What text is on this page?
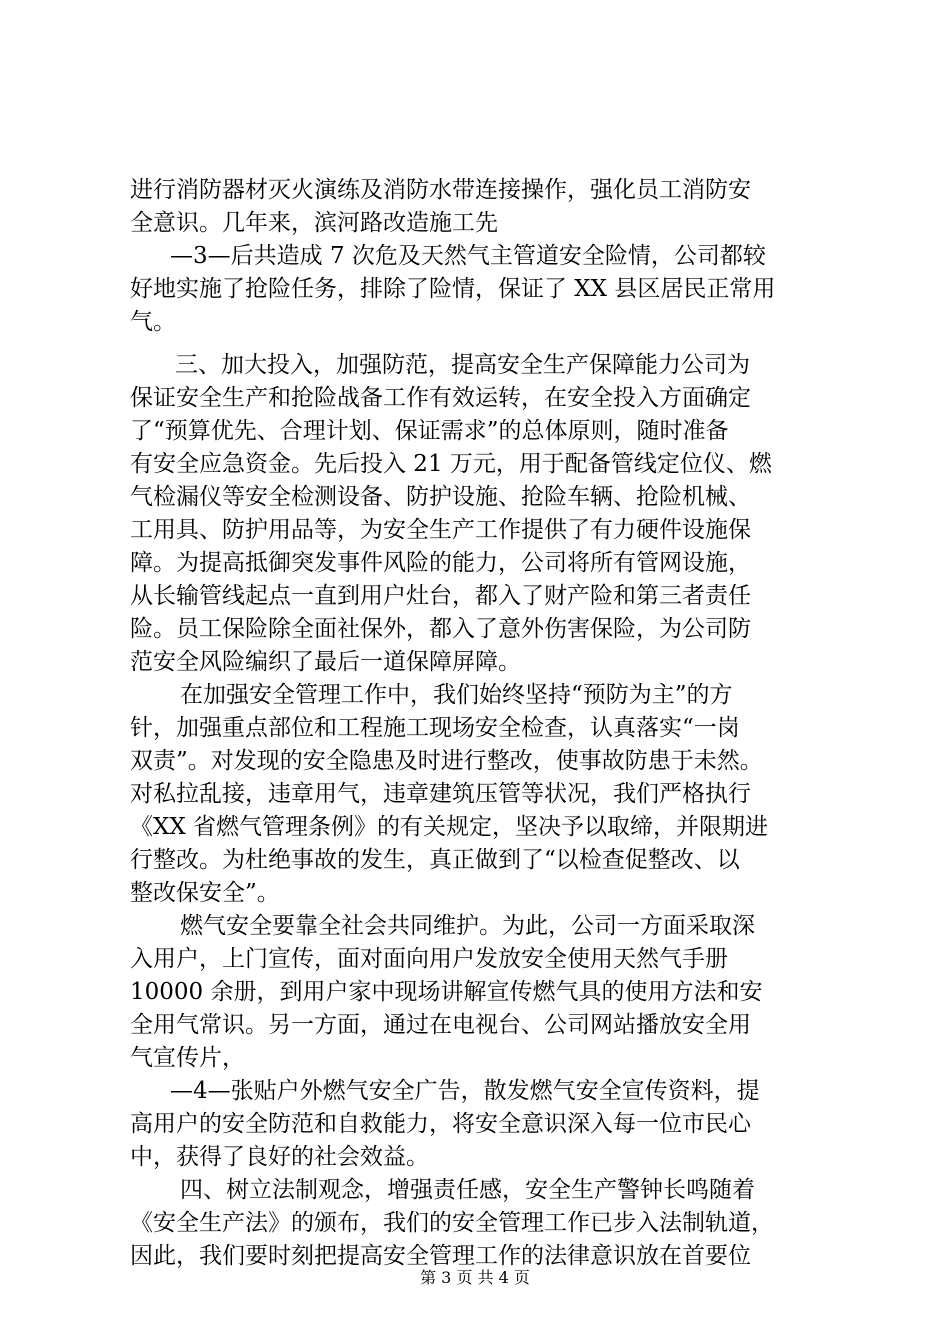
进行消防器材灭火演练及消防水带连接操作，强化员工消防安
全意识。几年来，滨河路改造施工先
—3—后共造成 7 次危及天然气主管道安全险情，公司都较
好地实施了抢险任务，排除了险情，保证了 XX 县区居民正常用
气。
三、加大投入，加强防范，提高安全生产保障能力公司为
保证安全生产和抢险战备工作有效运转，在安全投入方面确定
了“预算优先、合理计划、保证需求”的总体原则，随时准备
有安全应急资金。先后投入 21 万元，用于配备管线定位仪、燃
气检漏仪等安全检测设备、防护设施、抢险车辆、抢险机械、
工用具、防护用品等，为安全生产工作提供了有力硬件设施保
障。为提高抵御突发事件风险的能力，公司将所有管网设施，
从长输管线起点一直到用户灶台，都入了财产险和第三者责任
险。员工保险除全面社保外，都入了意外伤害保险，为公司防
范安全风险编织了最后一道保障屏障。
在加强安全管理工作中，我们始终坚持“预防为主”的方
针，加强重点部位和工程施工现场安全检查，认真落实“一岗
双责”。对发现的安全隐患及时进行整改，使事故防患于未然。
对私拉乱接，违章用气，违章建筑压管等状况，我们严格执行
《XX 省燃气管理条例》的有关规定，坚决予以取缔，并限期进
行整改。为杜绝事故的发生，真正做到了“以检查促整改、以
整改保安全”。
燃气安全要靠全社会共同维护。为此，公司一方面采取深
入用户，上门宣传，面对面向用户发放安全使用天然气手册
10000 余册，到用户家中现场讲解宣传燃气具的使用方法和安
全用气常识。另一方面，通过在电视台、公司网站播放安全用
气宣传片，
—4—张贴户外燃气安全广告，散发燃气安全宣传资料，提
高用户的安全防范和自救能力，将安全意识深入每一位市民心
中，获得了良好的社会效益。
四、树立法制观念，增强责任感，安全生产警钟长鸣随着
《安全生产法》的颁布，我们的安全管理工作已步入法制轨道，
因此，我们要时刻把提高安全管理工作的法律意识放在首要位
第 3 页 共 4 页
